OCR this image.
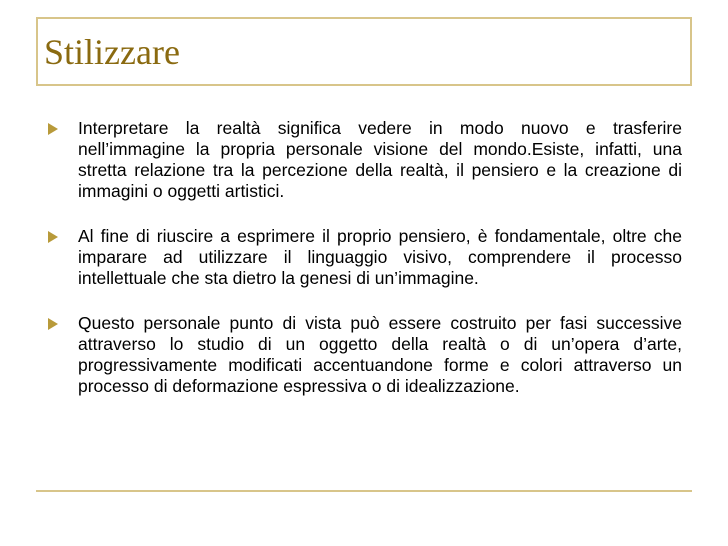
Stilizzare
Interpretare la realtà significa vedere in modo nuovo e trasferire nell’immagine la propria personale visione del mondo.Esiste, infatti, una stretta relazione tra la percezione della realtà, il pensiero e la creazione di immagini o oggetti artistici.
Al fine di riuscire a esprimere il proprio pensiero, è fondamentale, oltre che imparare ad utilizzare il linguaggio visivo, comprendere il processo intellettuale che sta dietro la genesi di un’immagine.
Questo personale punto di vista può essere costruito per fasi successive attraverso lo studio di un oggetto della realtà o di un’opera d’arte, progressivamente modificati accentuandone forme e colori attraverso un processo di deformazione espressiva o di idealizzazione.
